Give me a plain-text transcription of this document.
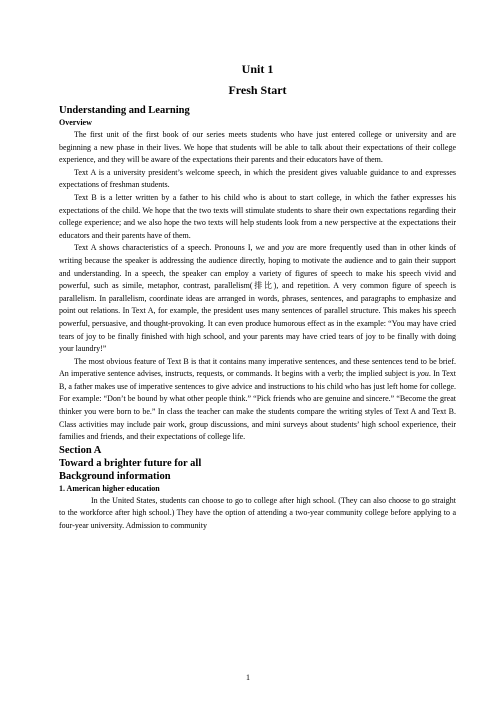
Unit 1
Fresh Start
Understanding and Learning
Overview

The first unit of the first book of our series meets students who have just entered college or university and are beginning a new phase in their lives. We hope that students will be able to talk about their expectations of their college experience, and they will be aware of the expectations their parents and their educators have of them.

Text A is a university president’s welcome speech, in which the president gives valuable guidance to and expresses expectations of freshman students.

Text B is a letter written by a father to his child who is about to start college, in which the father expresses his expectations of the child. We hope that the two texts will stimulate students to share their own expectations regarding their college experience; and we also hope the two texts will help students look from a new perspective at the expectations their educators and their parents have of them.

Text A shows characteristics of a speech. Pronouns I, we and you are more frequently used than in other kinds of writing because the speaker is addressing the audience directly, hoping to motivate the audience and to gain their support and understanding. In a speech, the speaker can employ a variety of figures of speech to make his speech vivid and powerful, such as simile, metaphor, contrast, parallelism(排比), and repetition. A very common figure of speech is parallelism. In parallelism, coordinate ideas are arranged in words, phrases, sentences, and paragraphs to emphasize and point out relations. In Text A, for example, the president uses many sentences of parallel structure. This makes his speech powerful, persuasive, and thought-provoking. It can even produce humorous effect as in the example: “You may have cried tears of joy to be finally finished with high school, and your parents may have cried tears of joy to be finally with doing your laundry!”

The most obvious feature of Text B is that it contains many imperative sentences, and these sentences tend to be brief. An imperative sentence advises, instructs, requests, or commands. It begins with a verb; the implied subject is you. In Text B, a father makes use of imperative sentences to give advice and instructions to his child who has just left home for college. For example: “Don’t be bound by what other people think.” “Pick friends who are genuine and sincere.” “Become the great thinker you were born to be.” In class the teacher can make the students compare the writing styles of Text A and Text B. Class activities may include pair work, group discussions, and mini surveys about students’ high school experience, their families and friends, and their expectations of college life.

Section A
Toward a brighter future for all
Background information
1. American higher education

In the United States, students can choose to go to college after high school. (They can also choose to go straight to the workforce after high school.) They have the option of attending a two-year community college before applying to a four-year university. Admission to community

1
